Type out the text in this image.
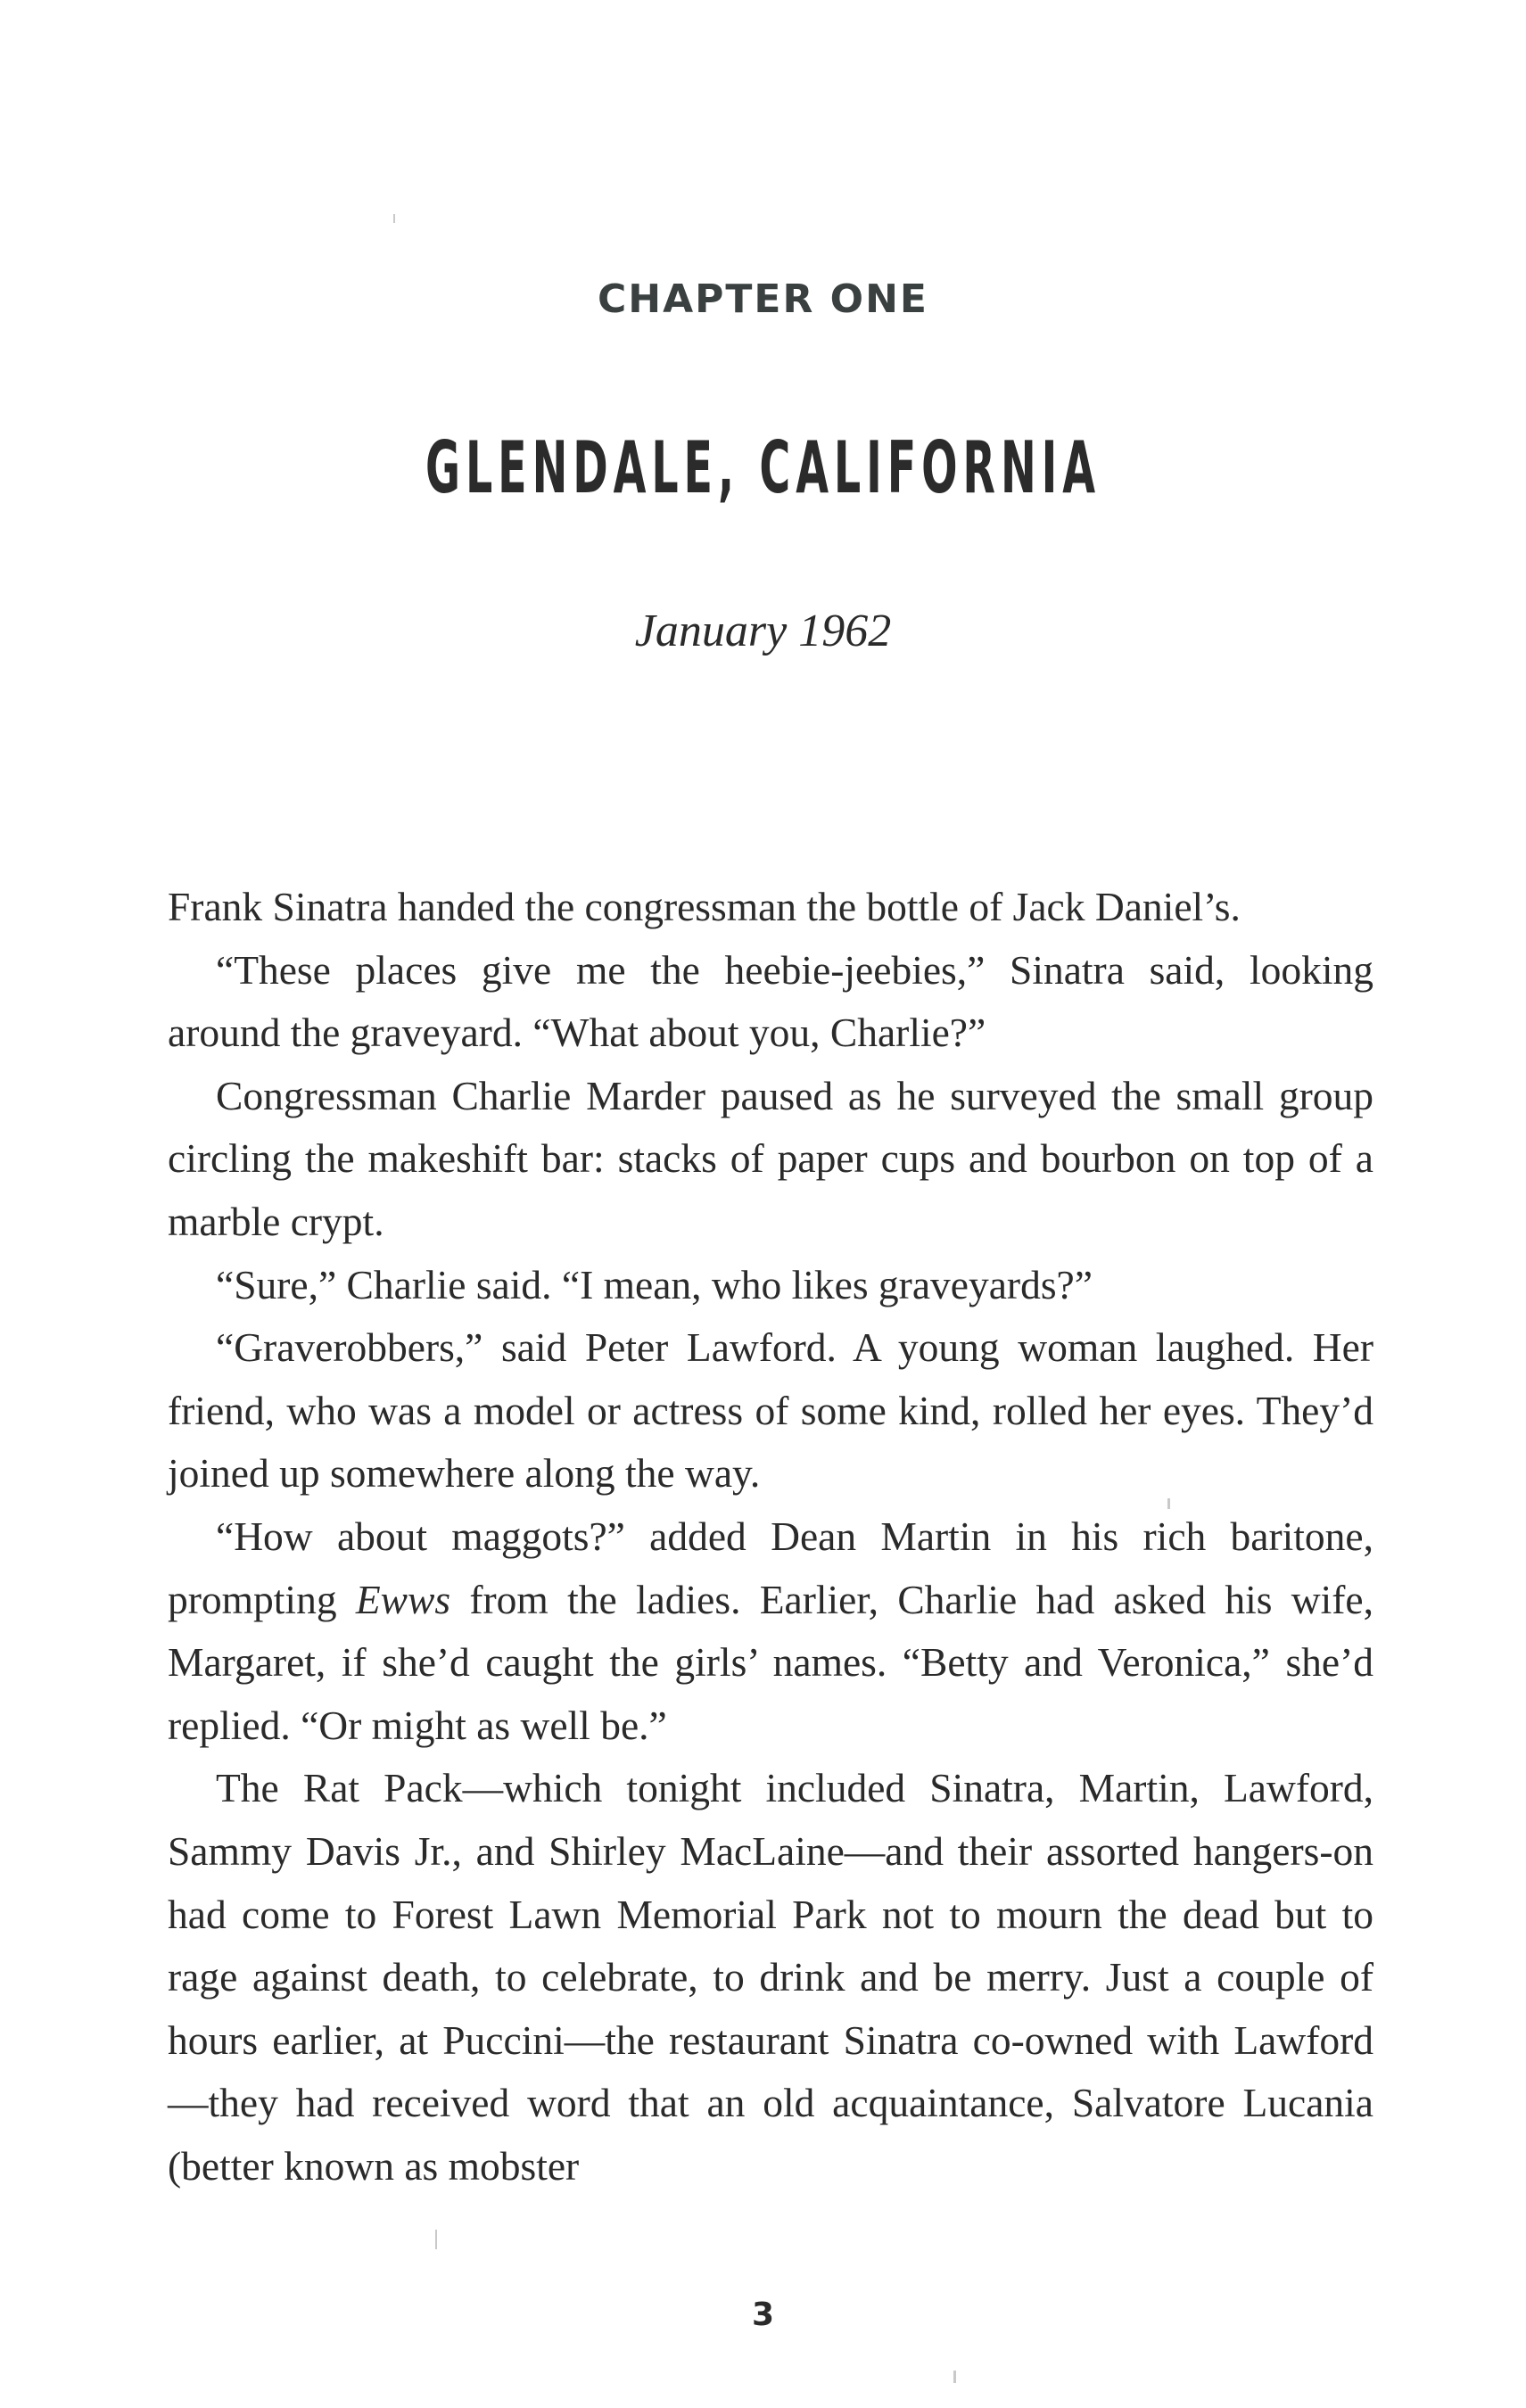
CHAPTER ONE
GLENDALE, CALIFORNIA
January 1962

Frank Sinatra handed the congressman the bottle of Jack Daniel’s.

“These places give me the heebie-jeebies,” Sinatra said, looking around the graveyard. “What about you, Charlie?”

Congressman Charlie Marder paused as he surveyed the small group circling the makeshift bar: stacks of paper cups and bourbon on top of a marble crypt.

“Sure,” Charlie said. “I mean, who likes graveyards?”

“Graverobbers,” said Peter Lawford. A young woman laughed. Her friend, who was a model or actress of some kind, rolled her eyes. They’d joined up somewhere along the way.

“How about maggots?” added Dean Martin in his rich baritone, prompting Ewws from the ladies. Earlier, Charlie had asked his wife, Margaret, if she’d caught the girls’ names. “Betty and Veronica,” she’d replied. “Or might as well be.”

The Rat Pack—which tonight included Sinatra, Martin, Lawford, Sammy Davis Jr., and Shirley MacLaine—and their assorted hangers-on had come to Forest Lawn Memorial Park not to mourn the dead but to rage against death, to celebrate, to drink and be merry. Just a couple of hours earlier, at Puccini—the restaurant Sinatra co-owned with Lawford—they had received word that an old acquaintance, Salvatore Lucania (better known as mobster

3
